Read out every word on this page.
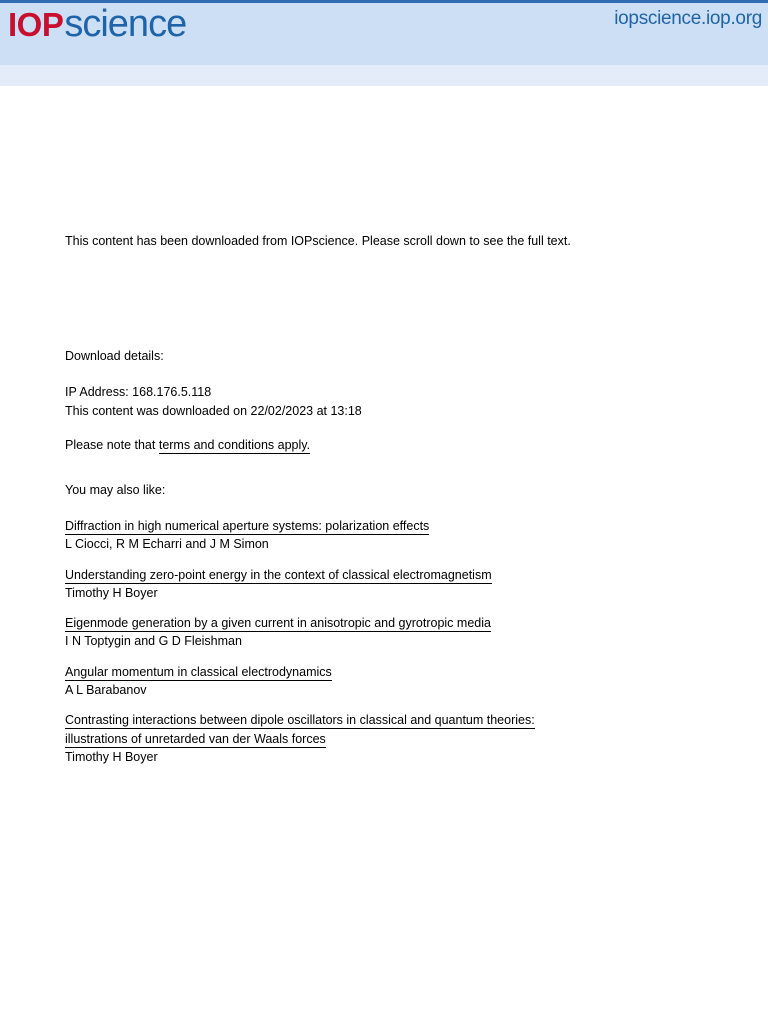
IOP science	iopscience.iop.org
This content has been downloaded from IOPscience. Please scroll down to see the full text.
Download details:
IP Address: 168.176.5.118
This content was downloaded on 22/02/2023 at 13:18
Please note that terms and conditions apply.
You may also like:
Diffraction in high numerical aperture systems: polarization effects
L Ciocci, R M Echarri and J M Simon
Understanding zero-point energy in the context of classical electromagnetism
Timothy H Boyer
Eigenmode generation by a given current in anisotropic and gyrotropic media
I N Toptygin and G D Fleishman
Angular momentum in classical electrodynamics
A L Barabanov
Contrasting interactions between dipole oscillators in classical and quantum theories:
illustrations of unretarded van der Waals forces
Timothy H Boyer
